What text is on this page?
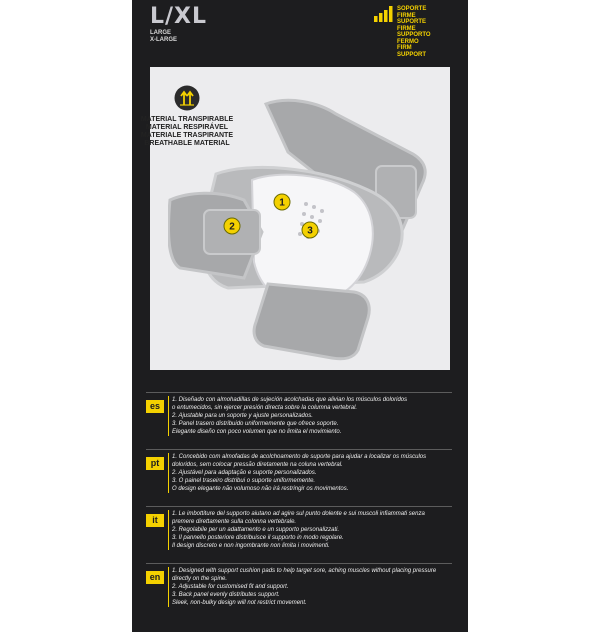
L/XL
LARGE
X-LARGE
SOPORTE
FIRME
SUPORTE
FIRME
SUPPORTO
FERMO
FIRM
SUPPORT
MATERIAL TRANSPIRABLE
MATERIAL RESPIRÁVEL
MATERIALE TRASPIRANTE
BREATHABLE MATERIAL
1
2	3
es
1. Diseñado con almohadillas de sujeción acolchadas que alivian los músculos doloridos
o entumecidos, sin ejercer presión directa sobre la columna vertebral.
2. Ajustable para un soporte y ajuste personalizados.
3. Panel trasero distribuido uniformemente que ofrece soporte.
Elegante diseño con poco volumen que no limita el movimiento.
pt
1. Concebido com almofadas de acolchoamento de suporte para ajudar a localizar os músculos
doloridos, sem colocar pressão diretamente na coluna vertebral.
2. Ajustável para adaptação e suporte personalizados.
3. O painel traseiro distribui o suporte uniformemente.
O design elegante não volumoso não irá restringir os movimentos.
it
1. Le imbottiture del supporto aiutano ad agire sul punto dolente e sui muscoli infiammati senza
premere direttamente sulla colonna vertebrale.
2. Regolabile per un adattamento e un supporto personalizzati.
3. Il pannello posteriore distribuisce il supporto in modo regolare.
Il design discreto e non ingombrante non limita i movimenti.
en
1. Designed with support cushion pads to help target sore, aching muscles without placing pressure
directly on the spine.
2. Adjustable for customised fit and support.
3. Back panel evenly distributes support.
Sleek, non-bulky design will not restrict movement.
